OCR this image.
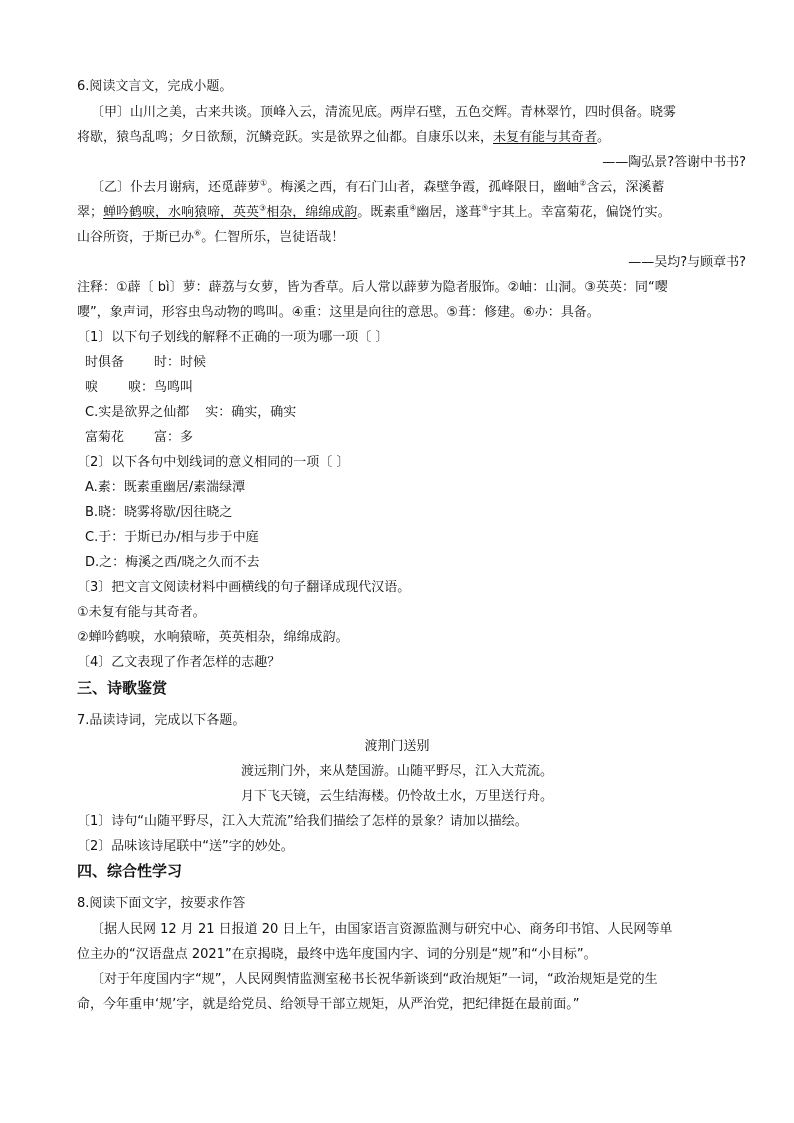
6.阅读文言文，完成小题。
〔甲〕山川之美，古来共谈。顶峰入云，清流见底。两岸石壁，五色交辉。青林翠竹，四时俱备。晓雾
将歇，猿鸟乱鸣；夕日欲颓，沉鳞竞跃。实是欲界之仙都。自康乐以来，未复有能与其奇者。
——陶弘景?答谢中书书?
〔乙〕仆去月谢病，还觅薜萝①。梅溪之西，有石门山者，森壁争霞，孤峰限日，幽岫②含云，深溪蓄
翠；蝉吟鹤唳，水响猿啼，英英③相杂，绵绵成韵。既素重④幽居，遂葺⑤宇其上。幸富菊花，偏饶竹实。
山谷所资，于斯已办⑥。仁智所乐，岂徒语哉！
——吴均?与顾章书?
注释：①薜〔 bì〕萝：薜荔与女萝，皆为香草。后人常以薜萝为隐者服饰。②岫：山洞。③英英：同“嘤
嘤”，象声词，形容虫鸟动物的鸣叫。④重：这里是向往的意思。⑤葺：修建。⑥办：具备。
〔1〕以下句子划线的解释不正确的一项为哪一项〔 〕
时俱备 时：时候
唳 唳：鸟鸣叫
C.实是欲界之仙都 实：确实，确实
富菊花 富：多
〔2〕以下各句中划线词的意义相同的一项〔 〕
A.素：既素重幽居/素湍绿潭
B.晓：晓雾将歇/因往晓之
C.于：于斯已办/相与步于中庭
D.之：梅溪之西/晓之久而不去
〔3〕把文言文阅读材料中画横线的句子翻译成现代汉语。
①未复有能与其奇者。
②蝉吟鹤唳，水响猿啼，英英相杂，绵绵成韵。
〔4〕乙文表现了作者怎样的志趣？
三、诗歌鉴赏
7.品读诗词，完成以下各题。
渡荆门送别
渡远荆门外，来从楚国游。山随平野尽，江入大荒流。
月下飞天镜，云生结海楼。仍怜故土水，万里送行舟。
〔1〕诗句“山随平野尽，江入大荒流”给我们描绘了怎样的景象？请加以描绘。
〔2〕品味该诗尾联中“送”字的妙处。
四、综合性学习
8.阅读下面文字，按要求作答
〔据人民网 12 月 21 日报道 20 日上午，由国家语言资源监测与研究中心、商务印书馆、人民网等单
位主办的“汉语盘点 2021”在京揭晓，最终中选年度国内字、词的分别是“规”和“小目标”。
〔对于年度国内字“规”，人民网舆情监测室秘书长祝华新谈到“政治规矩”一词，“政治规矩是党的生
命，今年重申‘规’字，就是给党员、给领导干部立规矩，从严治党，把纪律挺在最前面。”
